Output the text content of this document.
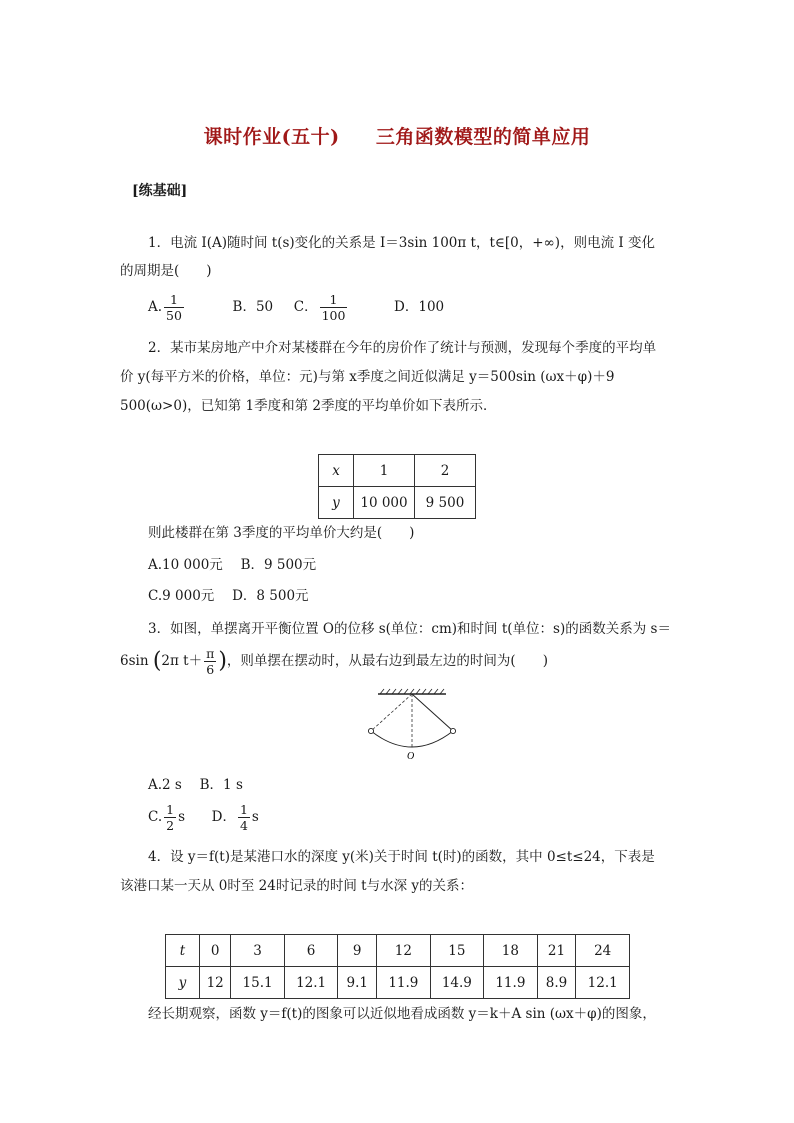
课时作业(五十) 三角函数模型的简单应用
[练基础]
1．电流 I(A)随时间 t(s)变化的关系是 I＝3sin 100π t，t∈[0，+∞)，则电流 I 变化
的周期是(　　)
A. $\frac{1}{50}$	B．50 C． $\frac{1}{100}$	D．100
2．某市某房地产中介对某楼群在今年的房价作了统计与预测，发现每个季度的平均单
价 y(每平方米的价格，单位：元)与第 x季度之间近似满足 y＝500sin (ωx＋φ)＋9
500(ω>0)，已知第 1季度和第 2季度的平均单价如下表所示．
x	1	2
y	10 000	9 500
则此楼群在第 3季度的平均单价大约是(　　)
A.10 000元　 B．9 500元
C.9 000元　 D．8 500元
3．如图，单摆离开平衡位置 O的位移 s(单位：cm)和时间 t(单位：s)的函数关系为 s＝
6sin (2π $t+ \frac{\pi}{6}$ )，则单摆在摆动时，从最右边到最左边的时间为(　　)
O
A.2 s　 B．1 s
C. $\frac{1}{2}$ s D． $\frac{1}{4}$ s
4．设 y＝f(t)是某港口水的深度 y(米)关于时间 t(时)的函数，其中 0≤t≤24，下表是
该港口某一天从 0时至 24时记录的时间 t与水深 y的关系：
t	0	3	6	9	12	15	18	21	24
y	12	15.1	12.1	9.1	11.9	14.9	11.9	8.9	12.1
经长期观察，函数 y＝f(t)的图象可以近似地看成函数 y＝k＋A sin (ωx＋φ)的图象，
